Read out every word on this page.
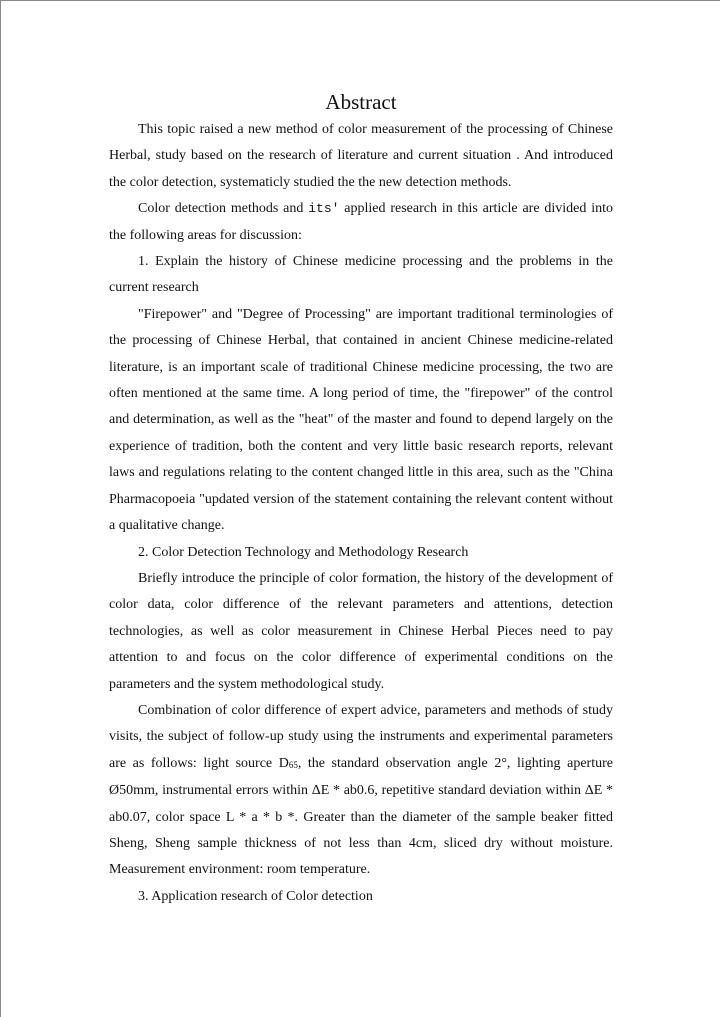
Abstract

This topic raised a new method of color measurement of the processing of Chinese Herbal, study based on the research of literature and current situation . And introduced the color detection, systematicly studied the the new detection methods.

Color detection methods and its′ applied research in this article are divided into the following areas for discussion:

1. Explain the history of Chinese medicine processing and the problems in the current research

"Firepower" and "Degree of Processing" are important traditional terminologies of the processing of Chinese Herbal, that contained in ancient Chinese medicine-related literature, is an important scale of traditional Chinese medicine processing, the two are often mentioned at the same time. A long period of time, the "firepower" of the control and determination, as well as the "heat" of the master and found to depend largely on the experience of tradition, both the content and very little basic research reports, relevant laws and regulations relating to the content changed little in this area, such as the "China Pharmacopoeia "updated version of the statement containing the relevant content without a qualitative change.

2. Color Detection Technology and Methodology Research

Briefly introduce the principle of color formation, the history of the development of color data, color difference of the relevant parameters and attentions, detection technologies, as well as color measurement in Chinese Herbal Pieces need to pay attention to and focus on the color difference of experimental conditions on the parameters and the system methodological study.

Combination of color difference of expert advice, parameters and methods of study visits, the subject of follow-up study using the instruments and experimental parameters are as follows: light source $D_{65}$, the standard observation angle 2°, lighting aperture Ø50mm, instrumental errors within ΔE * ab0.6, repetitive standard deviation within ΔE * ab0.07, color space L * a * b *. Greater than the diameter of the sample beaker fitted Sheng, Sheng sample thickness of not less than 4cm, sliced dry without moisture. Measurement environment: room temperature.

3. Application research of Color detection
